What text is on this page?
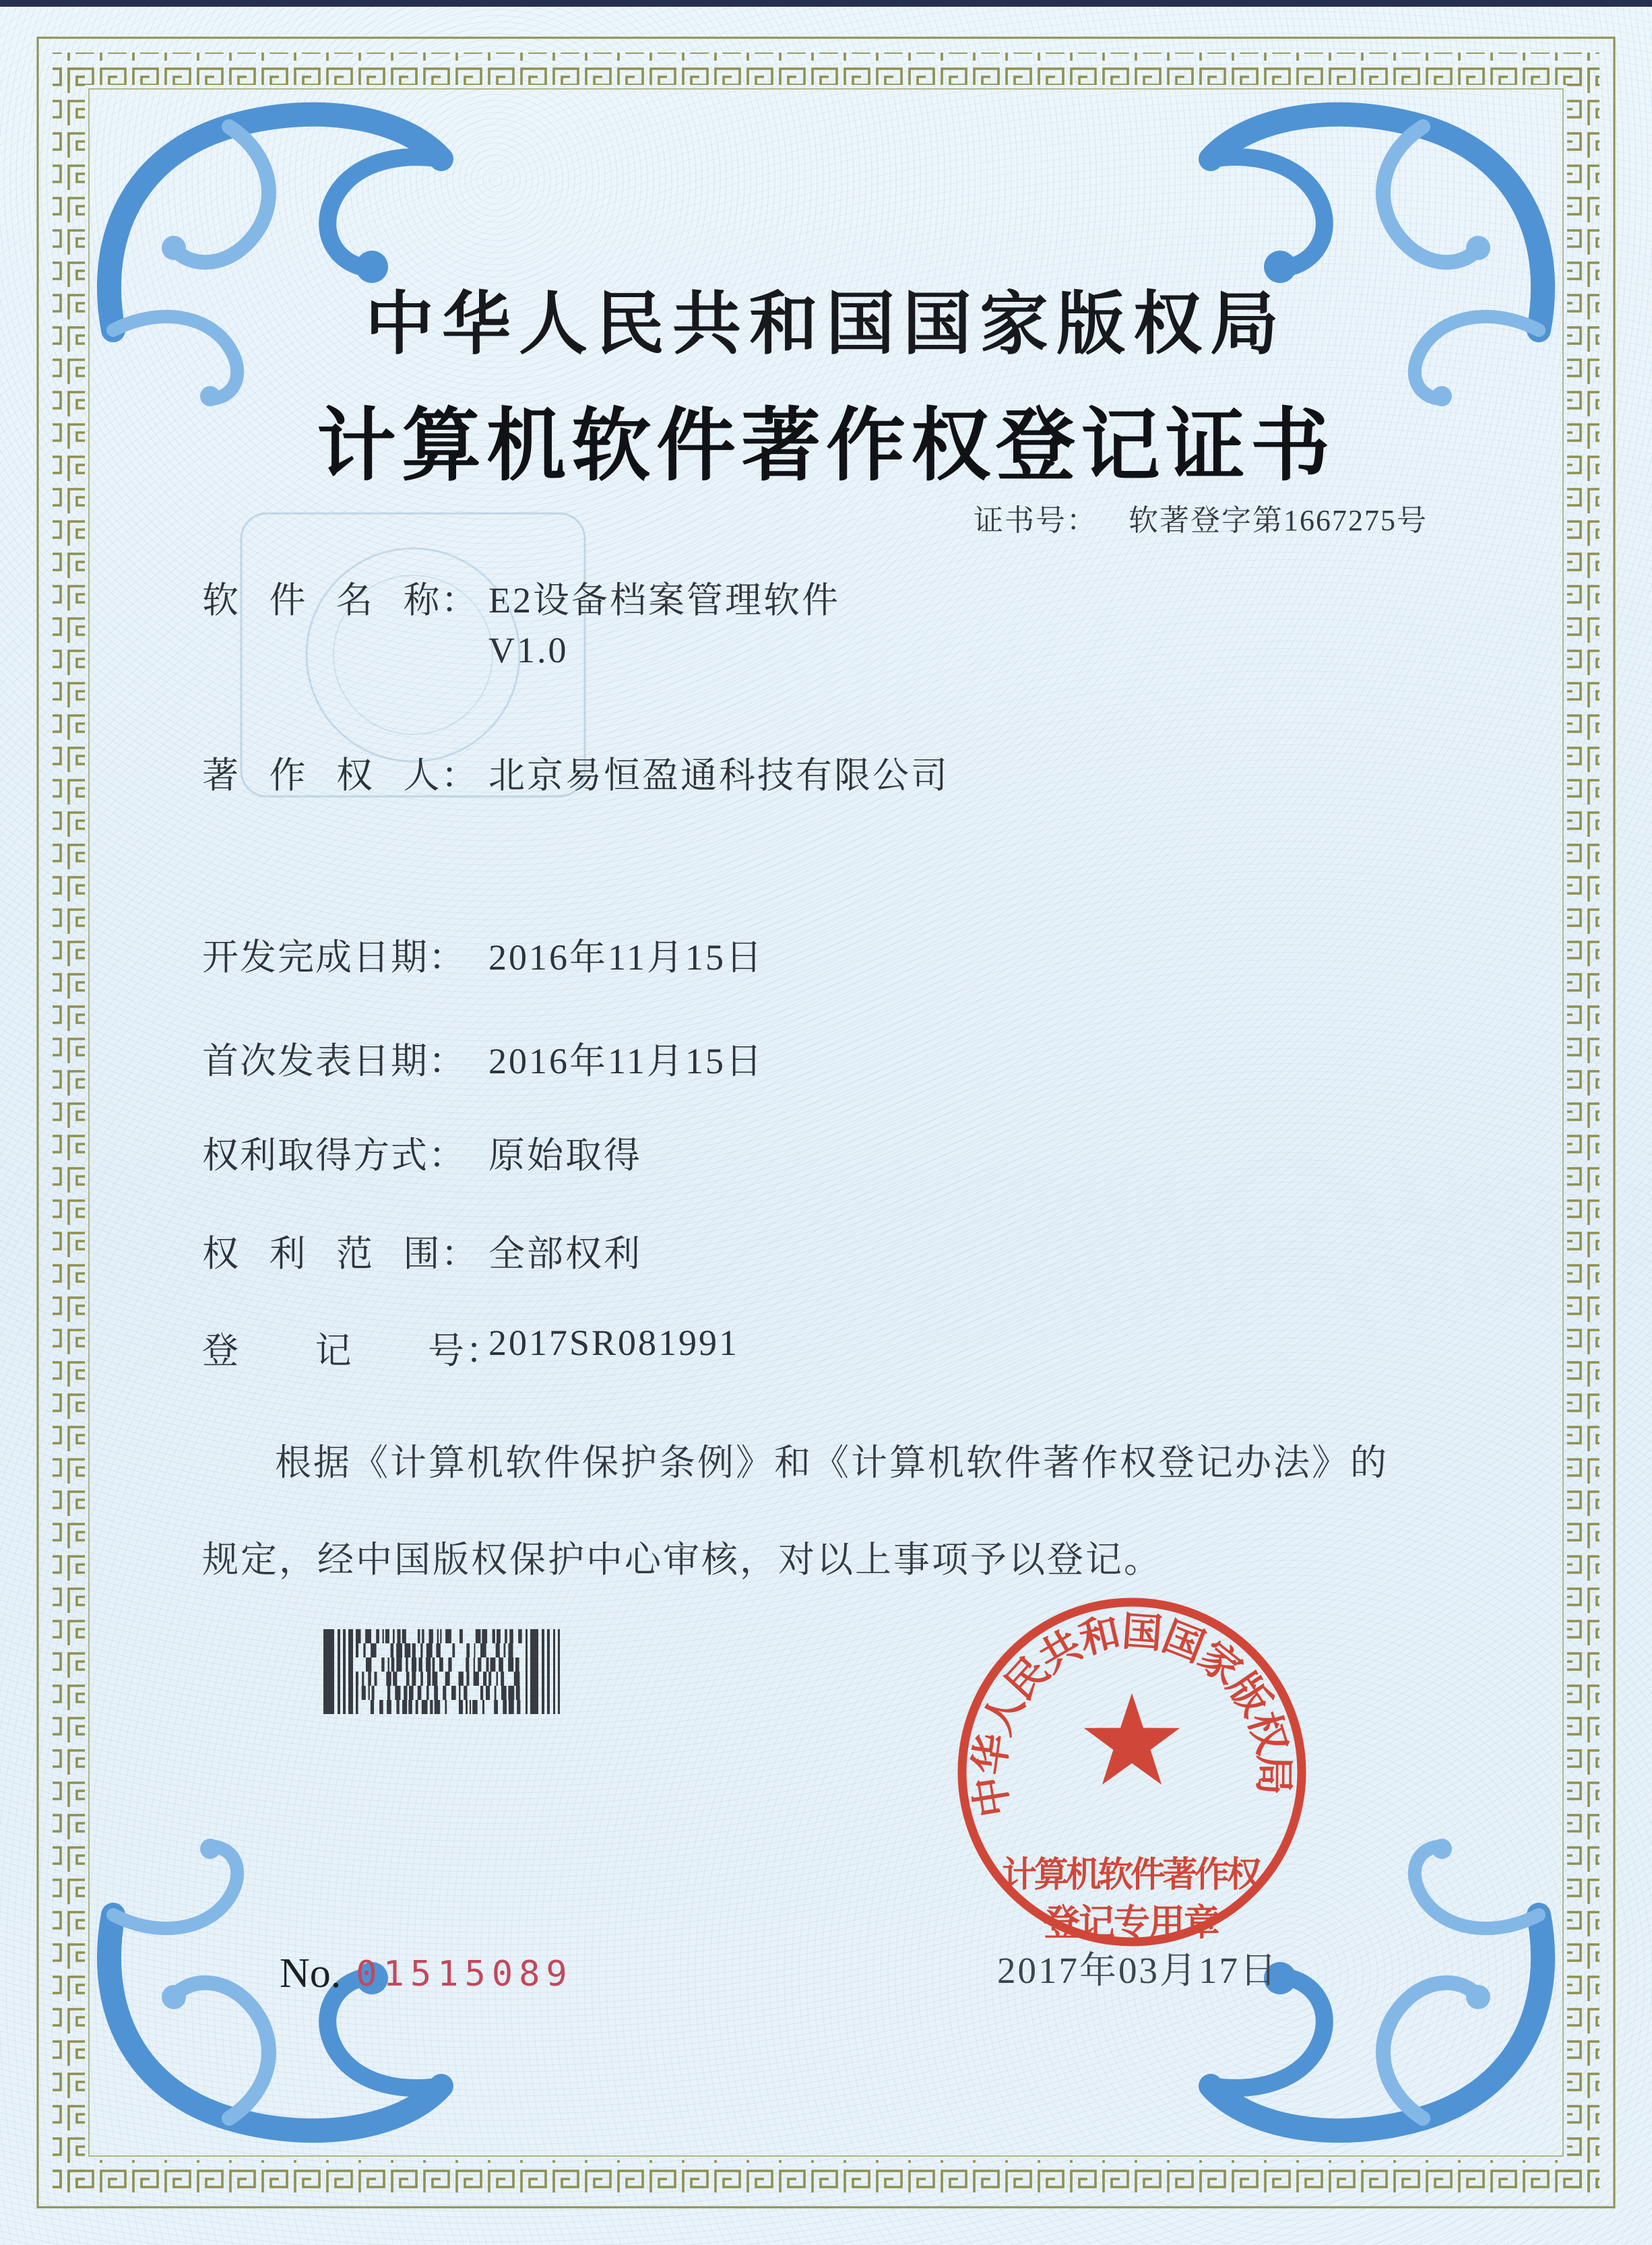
中华人民共和国国家版权局
计算机软件著作权登记证书
证书号： 软著登字第1667275号
软 件 名 称： E2设备档案管理软件
V1.0
著 作 权 人： 北京易恒盈通科技有限公司
开发完成日期： 2016年11月15日
首次发表日期： 2016年11月15日
权利取得方式： 原始取得
权 利 范 围： 全部权利
登 记 号：
2017SR081991
根据《计算机软件保护条例》和《计算机软件著作权登记办法》的
规定，经中国版权保护中心审核，对以上事项予以登记。
中华人民共和国国家版权局
计算机软件著作权
登记专用章
2017年03月17日
No. 01515089
